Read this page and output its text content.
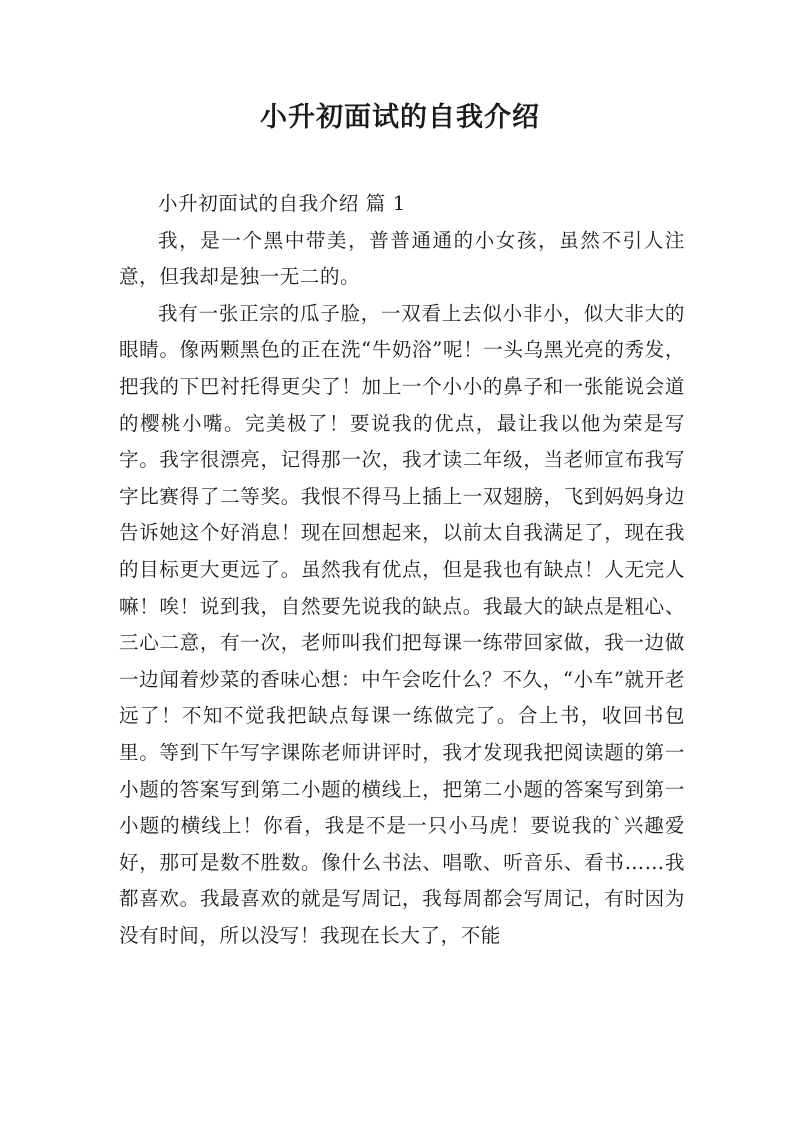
小升初面试的自我介绍
小升初面试的自我介绍 篇 1

我，是一个黑中带美，普普通通的小女孩，虽然不引人注意，但我却是独一无二的。

我有一张正宗的瓜子脸，一双看上去似小非小，似大非大的眼睛。像两颗黑色的正在洗“牛奶浴”呢！一头乌黑光亮的秀发，把我的下巴衬托得更尖了！加上一个小小的鼻子和一张能说会道的樱桃小嘴。完美极了！要说我的优点，最让我以他为荣是写字。我字很漂亮，记得那一次，我才读二年级，当老师宣布我写字比赛得了二等奖。我恨不得马上插上一双翅膀，飞到妈妈身边告诉她这个好消息！现在回想起来，以前太自我满足了，现在我的目标更大更远了。虽然我有优点，但是我也有缺点！人无完人嘛！唉！说到我，自然要先说我的缺点。我最大的缺点是粗心、三心二意，有一次，老师叫我们把每课一练带回家做，我一边做一边闻着炒菜的香味心想：中午会吃什么？不久，“小车”就开老远了！不知不觉我把缺点每课一练做完了。合上书，收回书包里。等到下午写字课陈老师讲评时，我才发现我把阅读题的第一小题的答案写到第二小题的横线上，把第二小题的答案写到第一小题的横线上！你看，我是不是一只小马虎！要说我的`兴趣爱好，那可是数不胜数。像什么书法、唱歌、听音乐、看书……我都喜欢。我最喜欢的就是写周记，我每周都会写周记，有时因为没有时间，所以没写！我现在长大了，不能
